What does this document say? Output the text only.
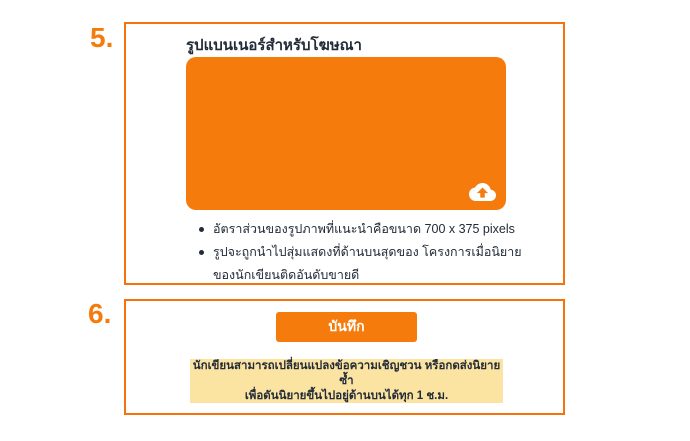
5.	รูปแบนเนอร์สำหรับโฆษณา
อัตราส่วนของรูปภาพที่แนะนำคือขนาด 700 x 375 pixels
รูปจะถูกนำไปสุ่มแสดงที่ด้านบนสุดของ โครงการเมื่อนิยายของ​นักเขียนติดอันดับขายดี
6.	บันทึก
นักเขียนสามารถเปลี่ยนแปลงข้อความเชิญชวน หรือกดส่งนิยายซ้ำ
เพื่อดันนิยายขึ้นไปอยู่ด้านบนได้ทุก 1 ช.ม.
